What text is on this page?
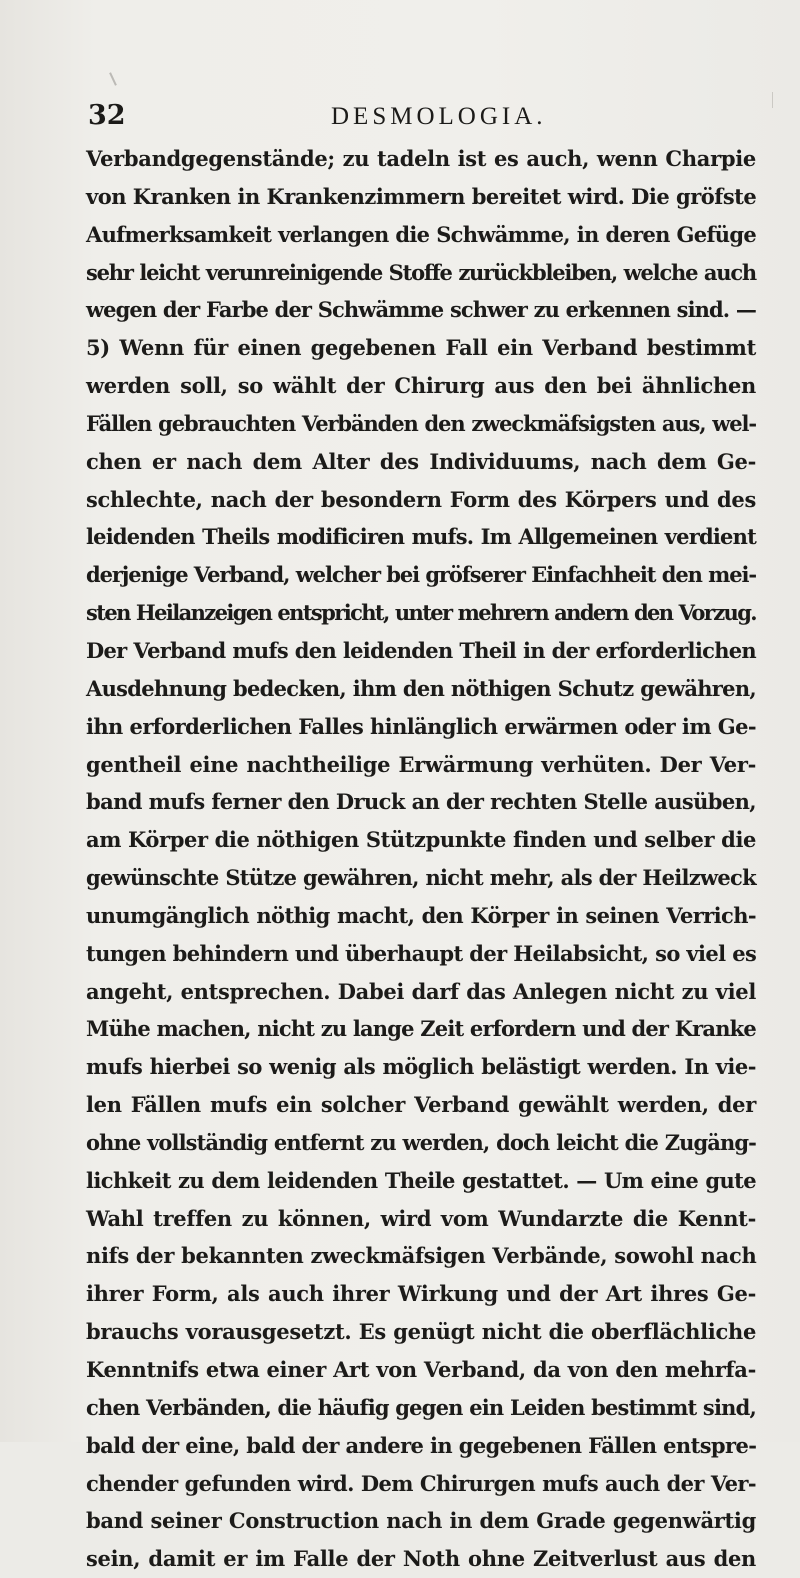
32	DESMOLOGIA.
Verbandgegenstände; zu tadeln ist es auch, wenn Charpie
von Kranken in Krankenzimmern bereitet wird. Die gröfste
Aufmerksamkeit verlangen die Schwämme, in deren Gefüge
sehr leicht verunreinigende Stoffe zurückbleiben, welche auch
wegen der Farbe der Schwämme schwer zu erkennen sind. —
5) Wenn für einen gegebenen Fall ein Verband bestimmt
werden soll, so wählt der Chirurg aus den bei ähnlichen
Fällen gebrauchten Verbänden den zweckmäfsigsten aus, wel-
chen er nach dem Alter des Individuums, nach dem Ge-
schlechte, nach der besondern Form des Körpers und des
leidenden Theils modificiren mufs. Im Allgemeinen verdient
derjenige Verband, welcher bei gröfserer Einfachheit den mei-
sten Heilanzeigen entspricht, unter mehrern andern den Vorzug.
Der Verband mufs den leidenden Theil in der erforderlichen
Ausdehnung bedecken, ihm den nöthigen Schutz gewähren,
ihn erforderlichen Falles hinlänglich erwärmen oder im Ge-
gentheil eine nachtheilige Erwärmung verhüten. Der Ver-
band mufs ferner den Druck an der rechten Stelle ausüben,
am Körper die nöthigen Stützpunkte finden und selber die
gewünschte Stütze gewähren, nicht mehr, als der Heilzweck
unumgänglich nöthig macht, den Körper in seinen Verrich-
tungen behindern und überhaupt der Heilabsicht, so viel es
angeht, entsprechen. Dabei darf das Anlegen nicht zu viel
Mühe machen, nicht zu lange Zeit erfordern und der Kranke
mufs hierbei so wenig als möglich belästigt werden. In vie-
len Fällen mufs ein solcher Verband gewählt werden, der
ohne vollständig entfernt zu werden, doch leicht die Zugäng-
lichkeit zu dem leidenden Theile gestattet. — Um eine gute
Wahl treffen zu können, wird vom Wundarzte die Kennt-
nifs der bekannten zweckmäfsigen Verbände, sowohl nach
ihrer Form, als auch ihrer Wirkung und der Art ihres Ge-
brauchs vorausgesetzt. Es genügt nicht die oberflächliche
Kenntnifs etwa einer Art von Verband, da von den mehrfa-
chen Verbänden, die häufig gegen ein Leiden bestimmt sind,
bald der eine, bald der andere in gegebenen Fällen entspre-
chender gefunden wird. Dem Chirurgen mufs auch der Ver-
band seiner Construction nach in dem Grade gegenwärtig
sein, damit er im Falle der Noth ohne Zeitverlust aus den
